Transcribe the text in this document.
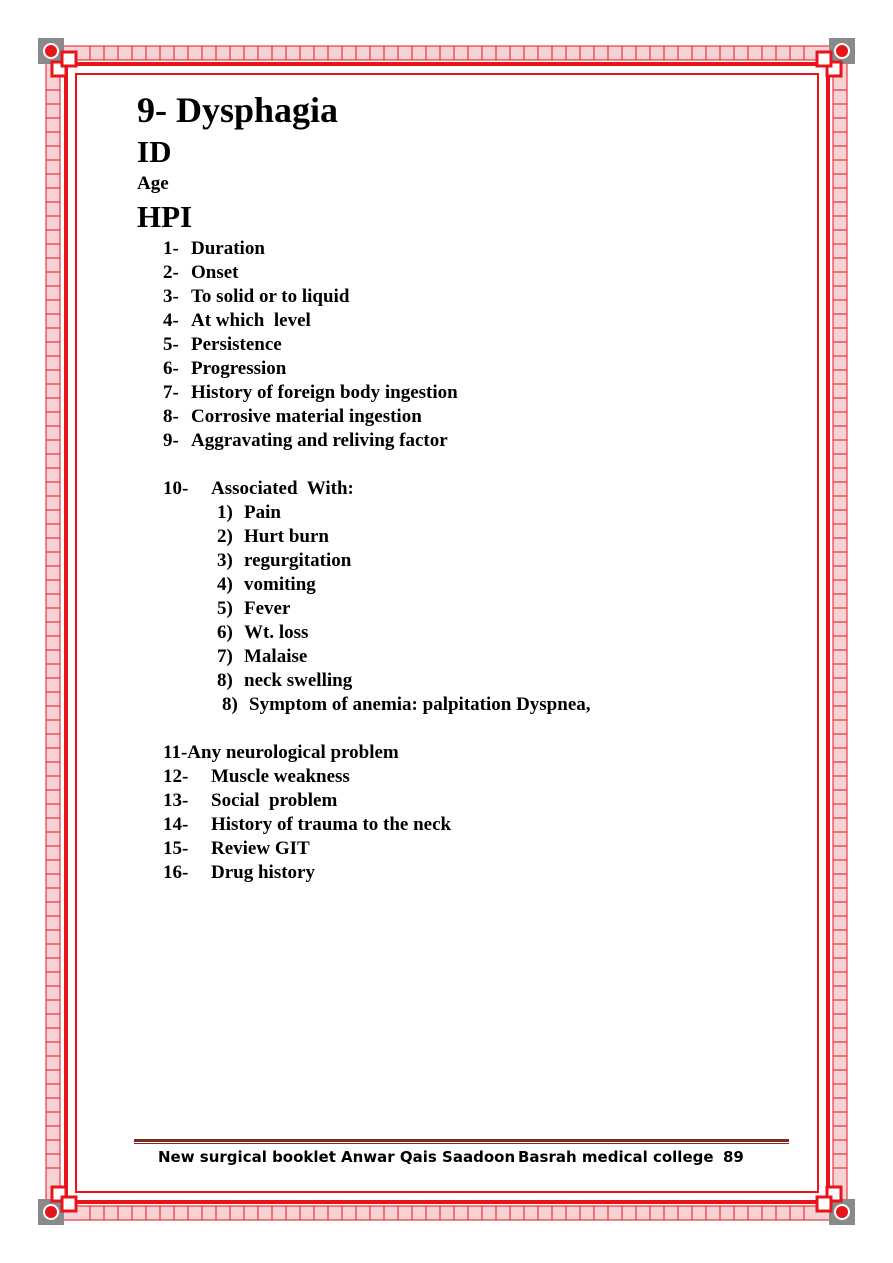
9- Dysphagia
ID
Age
HPI
1- Duration
2- Onset
3- To solid or to liquid
4- At which  level
5- Persistence
6- Progression
7- History of foreign body ingestion
8- Corrosive material ingestion
9- Aggravating and reliving factor
10- Associated  With:
1) Pain
2) Hurt burn
3) regurgitation
4) vomiting
5) Fever
6) Wt. loss
7) Malaise
8) neck swelling
8) Symptom of anemia: palpitation Dyspnea,
11-Any neurological problem
12- Muscle weakness
13- Social  problem
14- History of trauma to the neck
15- Review GIT
16- Drug history
New surgical booklet Anwar Qais Saadoon Basrah medical college 89
